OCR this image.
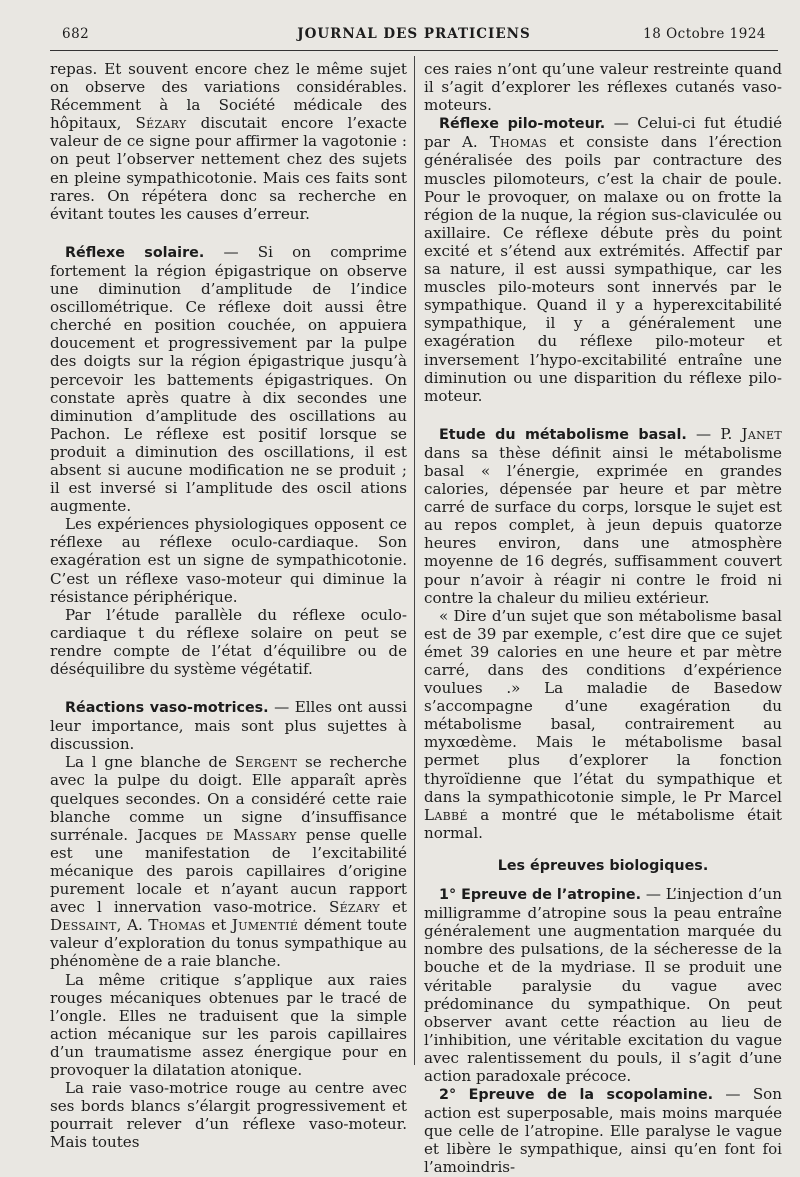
682	JOURNAL DES PRATICIENS	18 Octobre 1924

repas. Et souvent encore chez le même sujet on observe des variations considérables. Récemment à la Société médicale des hôpitaux, Sézary discutait encore l’exacte valeur de ce signe pour affirmer la vagotonie : on peut l’observer nettement chez des sujets en pleine sympathicotonie. Mais ces faits sont rares. On répétera donc sa recherche en évitant toutes les causes d’erreur.

Réflexe solaire. — Si on comprime fortement la région épigastrique on observe une diminution d’amplitude de l’indice oscillométrique. Ce réflexe doit aussi être cherché en position couchée, on appuiera doucement et progressivement par la pulpe des doigts sur la région épigastrique jusqu’à percevoir les battements épigastriques. On constate après quatre à dix secondes une diminution d’amplitude des oscillations au Pachon. Le réflexe est positif lorsque se produit a diminution des oscillations, il est absent si aucune modification ne se produit ; il est inversé si l’amplitude des oscil ations augmente.

Les expériences physiologiques opposent ce réflexe au réflexe oculo-cardiaque. Son exagération est un signe de sympathicotonie. C’est un réflexe vaso-moteur qui diminue la résistance périphérique.

Par l’étude parallèle du réflexe oculo-cardiaque t du réflexe solaire on peut se rendre compte de l’état d’équilibre ou de déséquilibre du système végétatif.

Réactions vaso-motrices. — Elles ont aussi leur importance, mais sont plus sujettes à discussion.

La l gne blanche de Sergent se recherche avec la pulpe du doigt. Elle apparaît après quelques secondes. On a considéré cette raie blanche comme un signe d’insuffisance surrénale. Jacques de Massary pense quelle est une manifestation de l’excitabilité mécanique des parois capillaires d’origine purement locale et n’ayant aucun rapport avec l innervation vaso-motrice. Sézary et Dessaint, A. Thomas et Jumentié dément toute valeur d’exploration du tonus sympathique au phénomène de a raie blanche.

La même critique s’applique aux raies rouges mécaniques obtenues par le tracé de l’ongle. Elles ne traduisent que la simple action mécanique sur les parois capillaires d’un traumatisme assez énergique pour en provoquer la dilatation atonique.

La raie vaso-motrice rouge au centre avec ses bords blancs s’élargit progressivement et pourrait relever d’un réflexe vaso-moteur. Mais toutes

ces raies n’ont qu’une valeur restreinte quand il s’agit d’explorer les réflexes cutanés vaso-moteurs.

Réflexe pilo-moteur. — Celui-ci fut étudié par A. Thomas et consiste dans l’érection généralisée des poils par contracture des muscles pilomoteurs, c’est la chair de poule. Pour le provoquer, on malaxe ou on frotte la région de la nuque, la région sus-claviculée ou axillaire. Ce réflexe débute près du point excité et s’étend aux extrémités. Affectif par sa nature, il est aussi sympathique, car les muscles pilo-moteurs sont innervés par le sympathique. Quand il y a hyperexcitabilité sympathique, il y a généralement une exagération du réflexe pilo-moteur et inversement l’hypo-excitabilité entraîne une diminution ou une disparition du réflexe pilo-moteur.

Etude du métabolisme basal. — P. Janet dans sa thèse définit ainsi le métabolisme basal « l’énergie, exprimée en grandes calories, dépensée par heure et par mètre carré de surface du corps, lorsque le sujet est au repos complet, à jeun depuis quatorze heures environ, dans une atmosphère moyenne de 16 degrés, suffisamment couvert pour n’avoir à réagir ni contre le froid ni contre la chaleur du milieu extérieur.

« Dire d’un sujet que son métabolisme basal est de 39 par exemple, c’est dire que ce sujet émet 39 calories en une heure et par mètre carré, dans des conditions d’expérience voulues .» La maladie de Basedow s’accompagne d’une exagération du métabolisme basal, contrairement au myxœdème. Mais le métabolisme basal permet plus d’explorer la fonction thyroïdienne que l’état du sympathique et dans la sympathicotonie simple, le Pr Marcel Labbé a montré que le métabolisme était normal.

Les épreuves biologiques.

1° Epreuve de l’atropine. — L’injection d’un milligramme d’atropine sous la peau entraîne généralement une augmentation marquée du nombre des pulsations, de la sécheresse de la bouche et de la mydriase. Il se produit une véritable paralysie du vague avec prédominance du sympathique. On peut observer avant cette réaction au lieu de l’inhibition, une véritable excitation du vague avec ralentissement du pouls, il s’agit d’une action paradoxale précoce.

2° Epreuve de la scopolamine. — Son action est superposable, mais moins marquée que celle de l’atropine. Elle paralyse le vague et libère le sympathique, ainsi qu’en font foi l’amoindris-
